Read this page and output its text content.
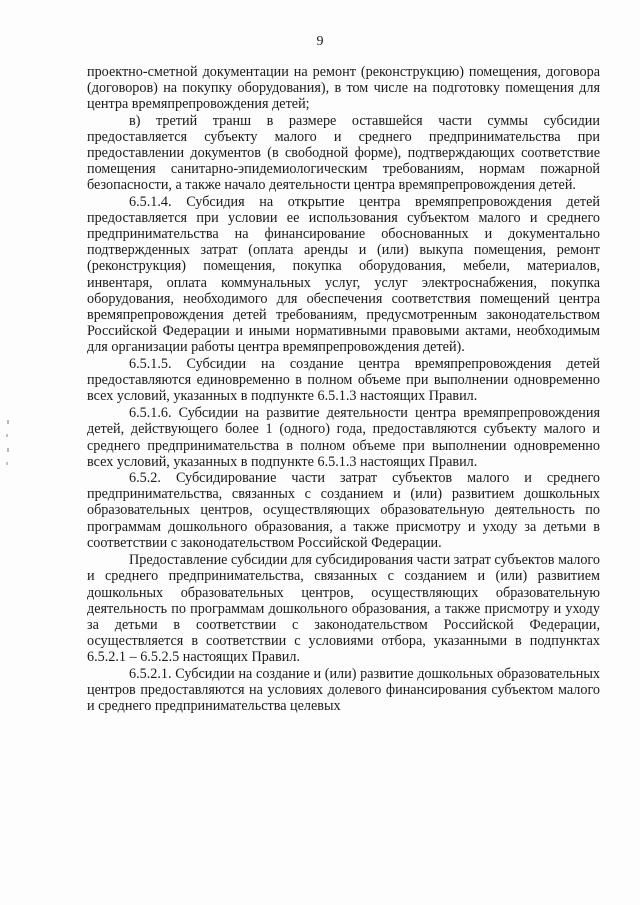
9

проектно-сметной документации на ремонт (реконструкцию) помещения, договора (договоров) на покупку оборудования), в том числе на подготовку помещения для центра времяпрепровождения детей;

в) третий транш в размере оставшейся части суммы субсидии предоставляется субъекту малого и среднего предпринимательства при предоставлении документов (в свободной форме), подтверждающих соответствие помещения санитарно-эпидемиологическим требованиям, нормам пожарной безопасности, а также начало деятельности центра времяпрепровождения детей.

6.5.1.4. Субсидия на открытие центра времяпрепровождения детей предоставляется при условии ее использования субъектом малого и среднего предпринимательства на финансирование обоснованных и документально подтвержденных затрат (оплата аренды и (или) выкупа помещения, ремонт (реконструкция) помещения, покупка оборудования, мебели, материалов, инвентаря, оплата коммунальных услуг, услуг электроснабжения, покупка оборудования, необходимого для обеспечения соответствия помещений центра времяпрепровождения детей требованиям, предусмотренным законодательством Российской Федерации и иными нормативными правовыми актами, необходимым для организации работы центра времяпрепровождения детей).

6.5.1.5. Субсидии на создание центра времяпрепровождения детей предоставляются единовременно в полном объеме при выполнении одновременно всех условий, указанных в подпункте 6.5.1.3 настоящих Правил.

6.5.1.6. Субсидии на развитие деятельности центра времяпрепровождения детей, действующего более 1 (одного) года, предоставляются субъекту малого и среднего предпринимательства в полном объеме при выполнении одновременно всех условий, указанных в подпункте 6.5.1.3 настоящих Правил.

6.5.2. Субсидирование части затрат субъектов малого и среднего предпринимательства, связанных с созданием и (или) развитием дошкольных образовательных центров, осуществляющих образовательную деятельность по программам дошкольного образования, а также присмотру и уходу за детьми в соответствии с законодательством Российской Федерации.

Предоставление субсидии для субсидирования части затрат субъектов малого и среднего предпринимательства, связанных с созданием и (или) развитием дошкольных образовательных центров, осуществляющих образовательную деятельность по программам дошкольного образования, а также присмотру и уходу за детьми в соответствии с законодательством Российской Федерации, осуществляется в соответствии с условиями отбора, указанными в подпунктах 6.5.2.1 – 6.5.2.5 настоящих Правил.

6.5.2.1. Субсидии на создание и (или) развитие дошкольных образовательных центров предоставляются на условиях долевого финансирования субъектом малого и среднего предпринимательства целевых
